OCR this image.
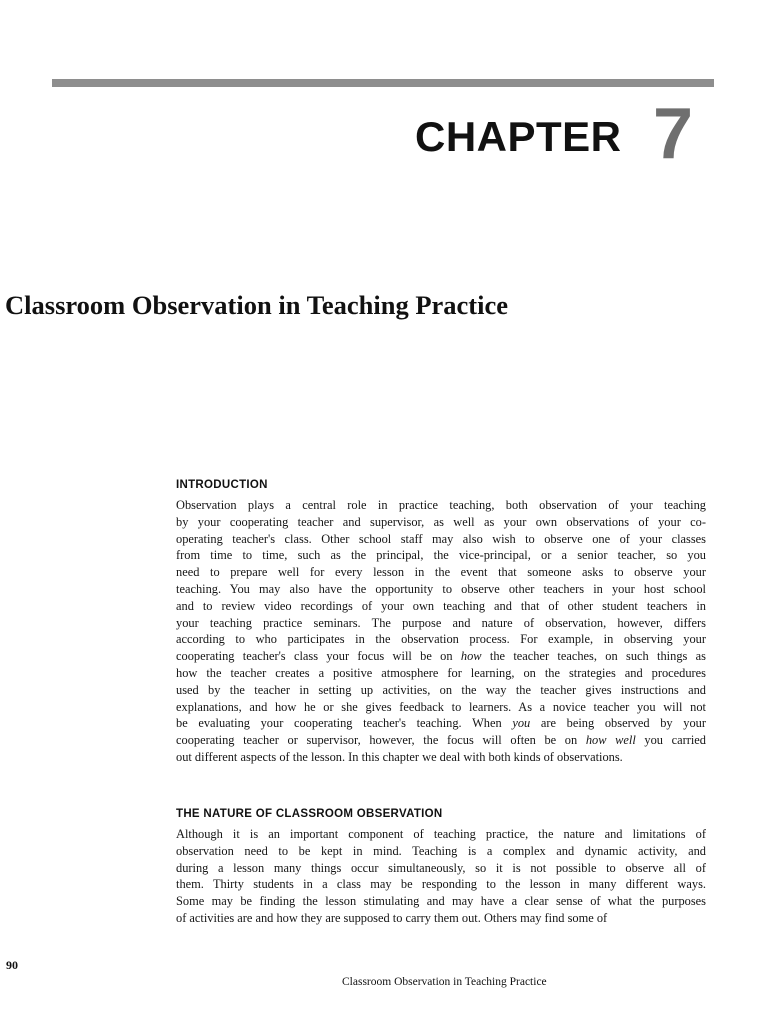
CHAPTER 7
Classroom Observation in Teaching Practice
INTRODUCTION
Observation plays a central role in practice teaching, both observation of your teaching
by your cooperating teacher and supervisor, as well as your own observations of your co-
operating teacher's class. Other school staff may also wish to observe one of your classes
from time to time, such as the principal, the vice-principal, or a senior teacher, so you
need to prepare well for every lesson in the event that someone asks to observe your
teaching. You may also have the opportunity to observe other teachers in your host school
and to review video recordings of your own teaching and that of other student teachers in
your teaching practice seminars. The purpose and nature of observation, however, differs
according to who participates in the observation process. For example, in observing your
cooperating teacher's class your focus will be on how the teacher teaches, on such things as
how the teacher creates a positive atmosphere for learning, on the strategies and procedures
used by the teacher in setting up activities, on the way the teacher gives instructions and
explanations, and how he or she gives feedback to learners. As a novice teacher you will not
be evaluating your cooperating teacher's teaching. When you are being observed by your
cooperating teacher or supervisor, however, the focus will often be on how well you carried
out different aspects of the lesson. In this chapter we deal with both kinds of observations.
THE NATURE OF CLASSROOM OBSERVATION
Although it is an important component of teaching practice, the nature and limitations of
observation need to be kept in mind. Teaching is a complex and dynamic activity, and
during a lesson many things occur simultaneously, so it is not possible to observe all of
them. Thirty students in a class may be responding to the lesson in many different ways.
Some may be finding the lesson stimulating and may have a clear sense of what the purposes
of activities are and how they are supposed to carry them out. Others may find some of
90
Classroom Observation in Teaching Practice
